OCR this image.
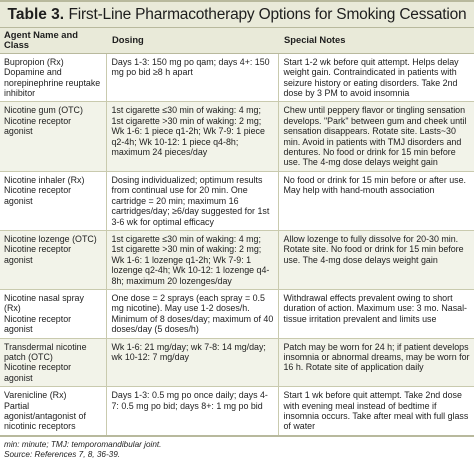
Table 3. First-Line Pharmacotherapy Options for Smoking Cessation
Agent Name and Class	Dosing	Special Notes
Bupropion (Rx)
Dopamine and norepinephrine reuptake inhibitor	Days 1-3: 150 mg po qam; days 4+: 150 mg po bid ≥8 h apart	Start 1-2 wk before quit attempt. Helps delay weight gain. Contraindicated in patients with seizure history or eating disorders. Take 2nd dose by 3 PM to avoid insomnia
Nicotine gum (OTC)
Nicotine receptor agonist	1st cigarette ≤30 min of waking: 4 mg; 1st cigarette >30 min of waking: 2 mg; Wk 1-6: 1 piece q1-2h; Wk 7-9: 1 piece q2-4h; Wk 10-12: 1 piece q4-8h; maximum 24 pieces/day	Chew until peppery flavor or tingling sensation develops. "Park" between gum and cheek until sensation disappears. Rotate site. Lasts~30 min. Avoid in patients with TMJ disorders and dentures. No food or drink for 15 min before use. The 4-mg dose delays weight gain
Nicotine inhaler (Rx)
Nicotine receptor agonist	Dosing individualized; optimum results from continual use for 20 min. One cartridge = 20 min; maximum 16 cartridges/day; ≥6/day suggested for 1st 3-6 wk for optimal efficacy	No food or drink for 15 min before or after use. May help with hand-mouth association
Nicotine lozenge (OTC)
Nicotine receptor agonist	1st cigarette ≤30 min of waking: 4 mg; 1st cigarette >30 min of waking: 2 mg; Wk 1-6: 1 lozenge q1-2h; Wk 7-9: 1 lozenge q2-4h; Wk 10-12: 1 lozenge q4-8h; maximum 20 lozenges/day	Allow lozenge to fully dissolve for 20-30 min. Rotate site. No food or drink for 15 min before use. The 4-mg dose delays weight gain
Nicotine nasal spray (Rx)
Nicotine receptor agonist	One dose = 2 sprays (each spray = 0.5 mg nicotine). May use 1-2 doses/h. Minimum of 8 doses/day; maximum of 40 doses/day (5 doses/h)	Withdrawal effects prevalent owing to short duration of action. Maximum use: 3 mo. Nasal-tissue irritation prevalent and limits use
Transdermal nicotine patch (OTC)
Nicotine receptor agonist	Wk 1-6: 21 mg/day; wk 7-8: 14 mg/day; wk 10-12: 7 mg/day	Patch may be worn for 24 h; if patient develops insomnia or abnormal dreams, may be worn for 16 h. Rotate site of application daily
Varenicline (Rx)
Partial agonist/antagonist of nicotinic receptors	Days 1-3: 0.5 mg po once daily; days 4-7: 0.5 mg po bid; days 8+: 1 mg po bid	Start 1 wk before quit attempt. Take 2nd dose with evening meal instead of bedtime if insomnia occurs. Take after meal with full glass of water
min: minute; TMJ: temporomandibular joint.
Source: References 7, 8, 36-39.
